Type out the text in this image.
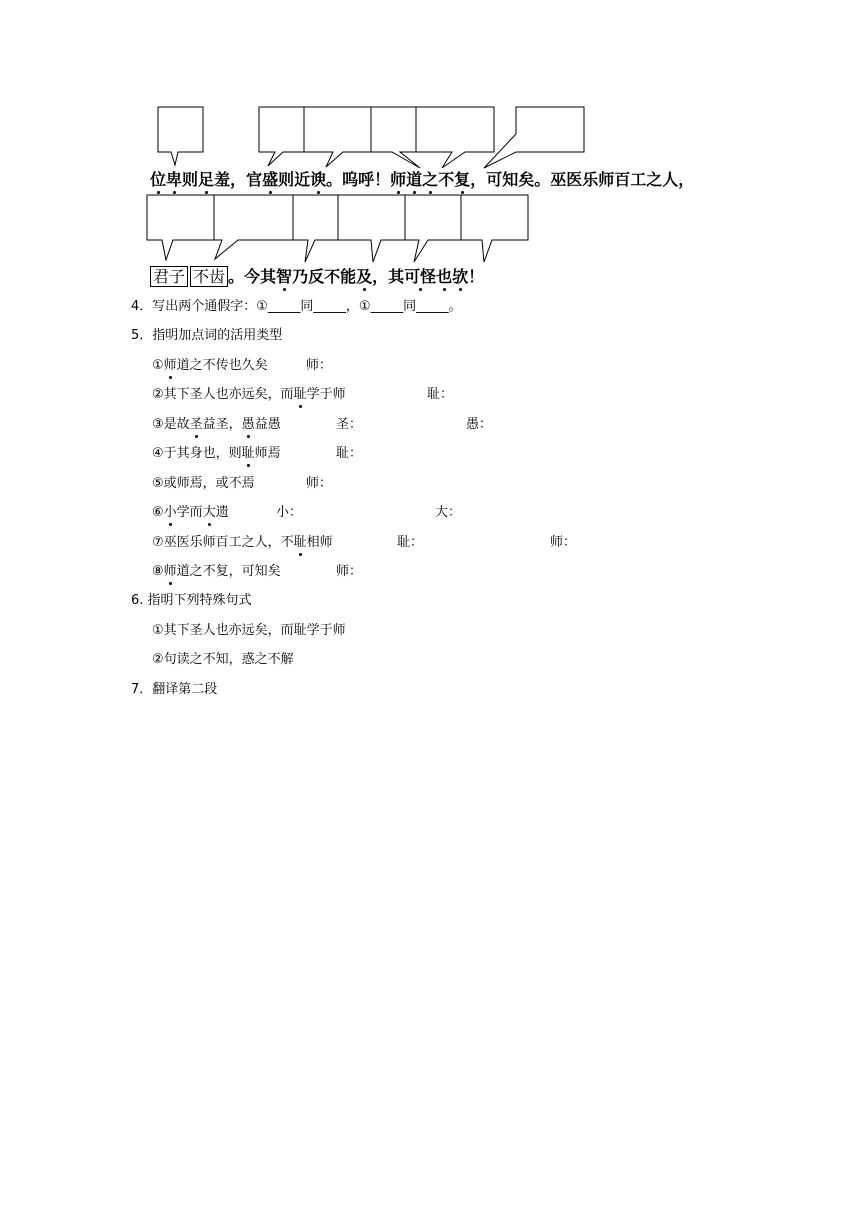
位卑则足羞，官盛则近谀。呜呼！师道之不复，可知矣。巫医乐师百工之人，
君子 不齿 。今其智乃反不能及，其可怪也欤！
4．写出两个通假字：①_____同_____，①_____同_____。
5．指明加点词的活用类型
①师道之不传也久矣	师：
②其下圣人也亦远矣，而耻学于师	耻：
③是故圣益圣，愚益愚	圣：	愚：
④于其身也，则耻师焉	耻：
⑤或师焉，或不焉	师：
⑥小学而大遗	小：	大：
⑦巫医乐师百工之人，不耻相师	耻：	师：
⑧师道之不复，可知矣	师：
6. 指明下列特殊句式
①其下圣人也亦远矣，而耻学于师
②句读之不知，惑之不解
7．翻译第二段
